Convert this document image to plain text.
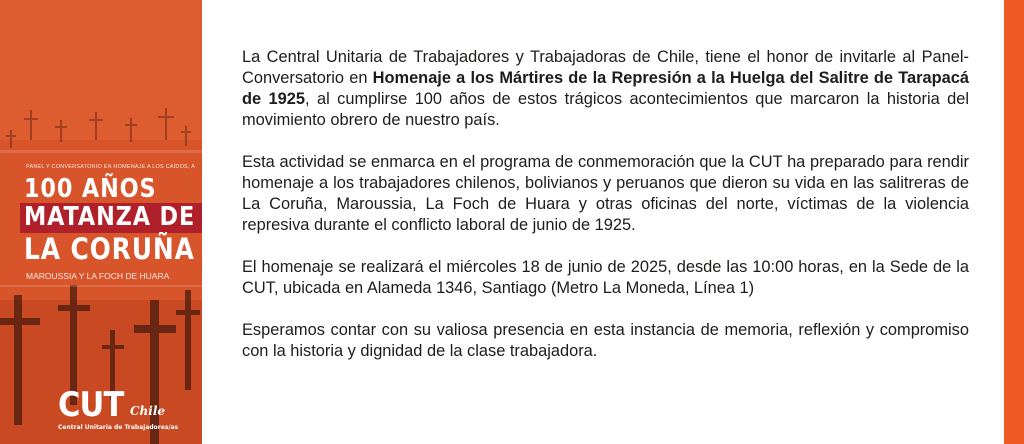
PANEL Y CONVERSATORIO EN HOMENAJE A LOS CAÍDOS, A
100 AÑOS
MATANZA DE
LA CORUÑA
MAROUSSIA Y LA FOCH DE HUARA
CUT Chile
Central Unitaria de Trabajadores/as

La Central Unitaria de Trabajadores y Trabajadoras de Chile, tiene el honor de invitarle al Panel-Conversatorio en Homenaje a los Mártires de la Represión a la Huelga del Salitre de Tarapacá de 1925, al cumplirse 100 años de estos trágicos acontecimientos que marcaron la historia del movimiento obrero de nuestro país.

Esta actividad se enmarca en el programa de conmemoración que la CUT ha preparado para rendir homenaje a los trabajadores chilenos, bolivianos y peruanos que dieron su vida en las salitreras de La Coruña, Maroussia, La Foch de Huara y otras oficinas del norte, víctimas de la violencia represiva durante el conflicto laboral de junio de 1925.

El homenaje se realizará el miércoles 18 de junio de 2025, desde las 10:00 horas, en la Sede de la CUT, ubicada en Alameda 1346, Santiago (Metro La Moneda, Línea 1)

Esperamos contar con su valiosa presencia en esta instancia de memoria, reflexión y compromiso con la historia y dignidad de la clase trabajadora.
